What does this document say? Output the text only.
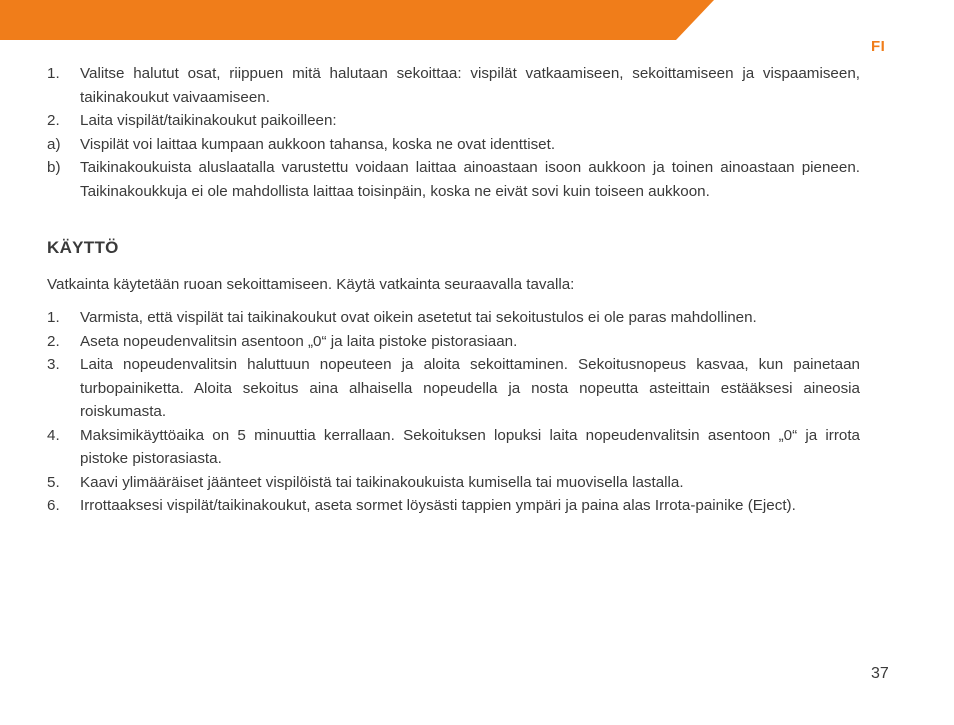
FI
1.	Valitse halutut osat, riippuen mitä halutaan sekoittaa: vispilät vatkaamiseen, sekoittamiseen ja vispaamiseen, taikinakoukut vaivaamiseen.
2.	Laita vispilät/taikinakoukut paikoilleen:
a)	Vispilät voi laittaa kumpaan aukkoon tahansa, koska ne ovat identtiset.
b)	Taikinakoukuista aluslaatalla varustettu voidaan laittaa ainoastaan isoon aukkoon ja toinen ainoastaan pieneen. Taikinakoukkuja ei ole mahdollista laittaa toisinpäin, koska ne eivät sovi kuin toiseen aukkoon.
KÄYTTÖ

Vatkainta käytetään ruoan sekoittamiseen. Käytä vatkainta seuraavalla tavalla:

1.	Varmista, että vispilät tai taikinakoukut ovat oikein asetetut tai sekoitustulos ei ole paras mahdollinen.
2.	Aseta nopeudenvalitsin asentoon „0“ ja laita pistoke pistorasiaan.
3.	Laita nopeudenvalitsin haluttuun nopeuteen ja aloita sekoittaminen. Sekoitusnopeus kasvaa, kun painetaan turbopainiketta. Aloita sekoitus aina alhaisella nopeudella ja nosta nopeutta asteittain estääksesi aineosia roiskumasta.
4.	Maksimikäyttöaika on 5 minuuttia kerrallaan. Sekoituksen lopuksi laita nopeudenvalitsin asentoon „0“ ja irrota pistoke pistorasiasta.
5.	Kaavi ylimääräiset jäänteet vispilöistä tai taikinakoukuista kumisella tai muovisella lastalla.
6.	Irrottaaksesi vispilät/taikinakoukut, aseta sormet löysästi tappien ympäri ja paina alas Irrota-painike (Eject).
37
